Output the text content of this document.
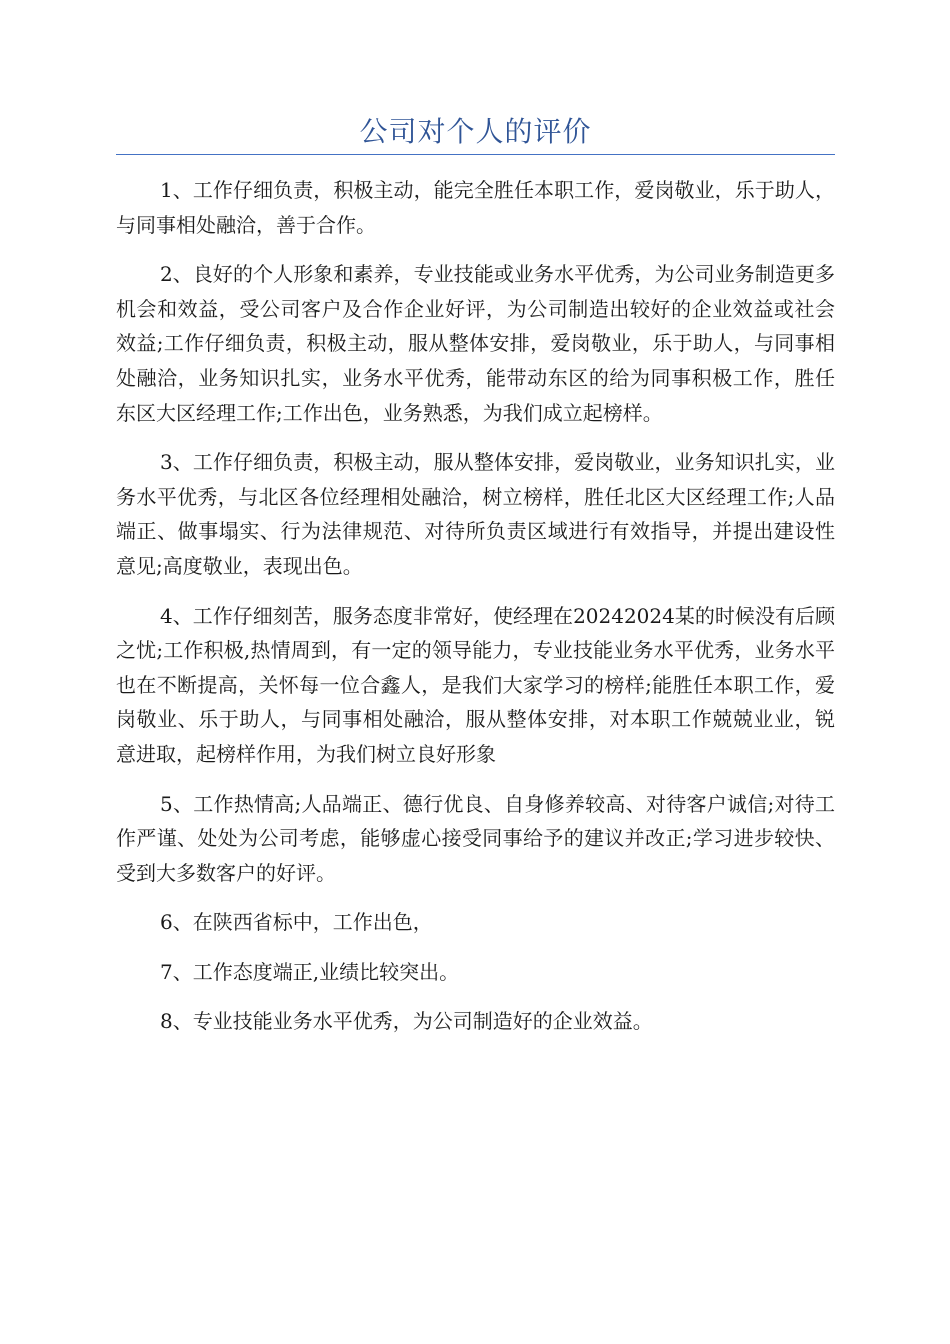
公司对个人的评价

1、工作仔细负责，积极主动，能完全胜任本职工作，爱岗敬业，乐于助人，与同事相处融洽，善于合作。

2、良好的个人形象和素养，专业技能或业务水平优秀，为公司业务制造更多机会和效益，受公司客户及合作企业好评，为公司制造出较好的企业效益或社会效益;工作仔细负责，积极主动，服从整体安排，爱岗敬业，乐于助人，与同事相处融洽，业务知识扎实，业务水平优秀，能带动东区的给为同事积极工作，胜任东区大区经理工作;工作出色，业务熟悉，为我们成立起榜样。

3、工作仔细负责，积极主动，服从整体安排，爱岗敬业，业务知识扎实，业务水平优秀，与北区各位经理相处融洽，树立榜样，胜任北区大区经理工作;人品端正、做事塌实、行为法律规范、对待所负责区域进行有效指导，并提出建设性意见;高度敬业，表现出色。

4、工作仔细刻苦，服务态度非常好，使经理在20242024某的时候没有后顾之忧;工作积极,热情周到，有一定的领导能力，专业技能业务水平优秀，业务水平也在不断提高，关怀每一位合鑫人，是我们大家学习的榜样;能胜任本职工作，爱岗敬业、乐于助人，与同事相处融洽，服从整体安排，对本职工作兢兢业业，锐意进取，起榜样作用，为我们树立良好形象

5、工作热情高;人品端正、德行优良、自身修养较高、对待客户诚信;对待工作严谨、处处为公司考虑，能够虚心接受同事给予的建议并改正;学习进步较快、受到大多数客户的好评。

6、在陕西省标中，工作出色，

7、工作态度端正,业绩比较突出。

8、专业技能业务水平优秀，为公司制造好的企业效益。
